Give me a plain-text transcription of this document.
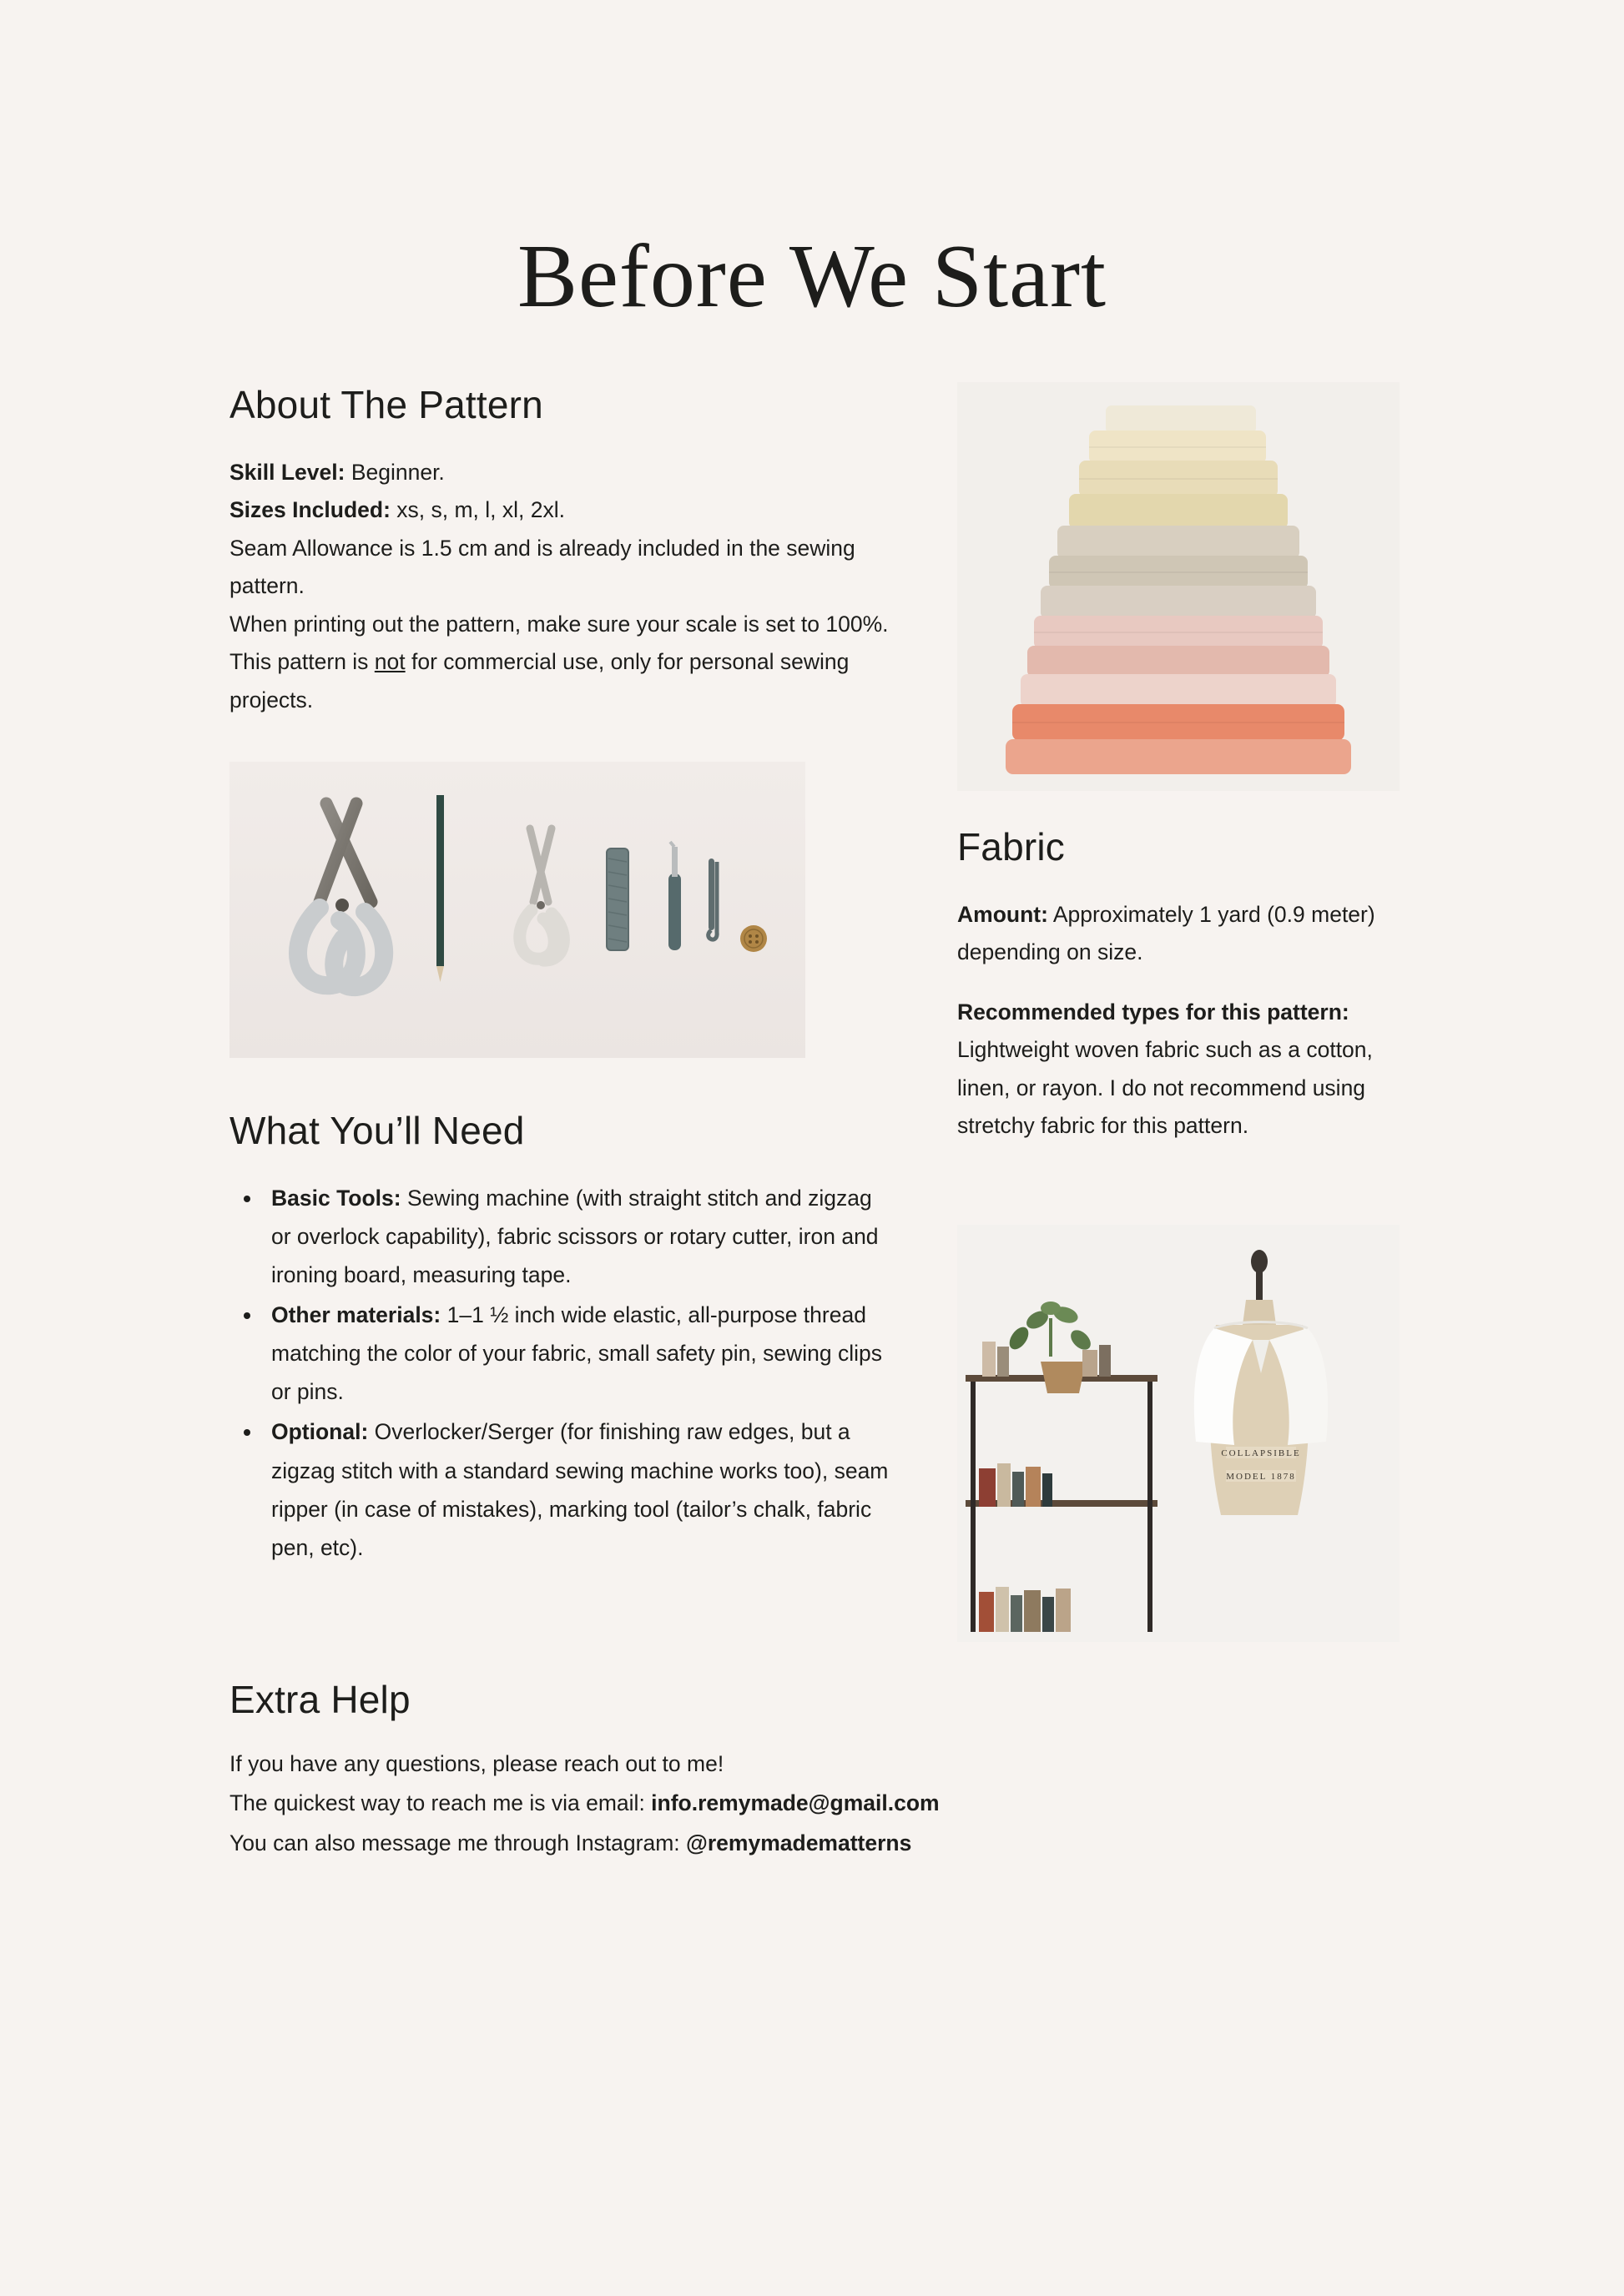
Before We Start
About The Pattern

Skill Level: Beginner.

Sizes Included: xs, s, m, l, xl, 2xl.

Seam Allowance is 1.5 cm and is already included in the sewing pattern.

When printing out the pattern, make sure your scale is set to 100%.

This pattern is not for commercial use, only for personal sewing projects.

What You’ll Need
• Basic Tools: Sewing machine (with straight stitch and zigzag or overlock capability), fabric scissors or rotary cutter, iron and ironing board, measuring tape.
• Other materials: 1–1 ½ inch wide elastic, all-purpose thread matching the color of your fabric, small safety pin, sewing clips or pins.
• Optional: Overlocker/Serger (for finishing raw edges, but a zigzag stitch with a standard sewing machine works too), seam ripper (in case of mistakes), marking tool (tailor’s chalk, fabric pen, etc).
Fabric

Amount: Approximately 1 yard (0.9 meter) depending on size.

Recommended types for this pattern: Lightweight woven fabric such as a cotton, linen, or rayon. I do not recommend using stretchy fabric for this pattern.

COLLAPSIBLE
MODEL 1878
Extra Help

If you have any questions, please reach out to me!

The quickest way to reach me is via email: info.remymade@gmail.com

You can also message me through Instagram: @remymadematterns
